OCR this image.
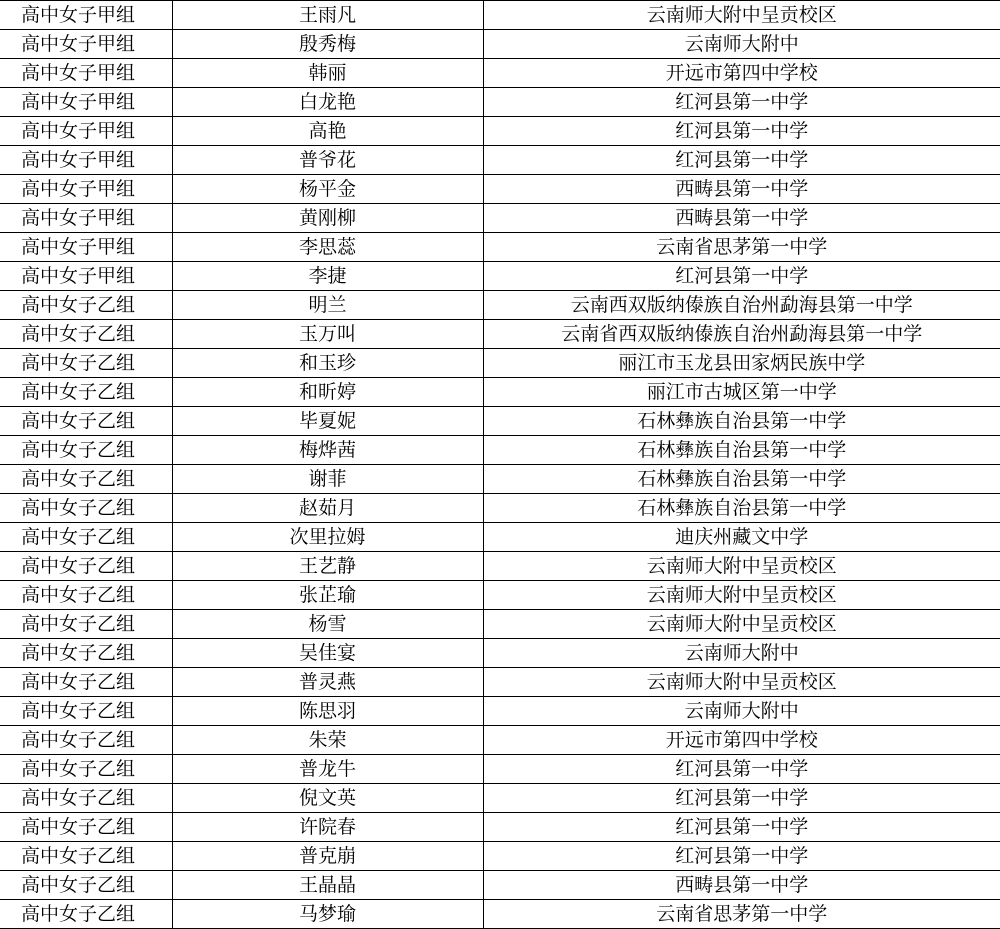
高中女子甲组	王雨凡	云南师大附中呈贡校区
高中女子甲组	殷秀梅	云南师大附中
高中女子甲组	韩丽	开远市第四中学校
高中女子甲组	白龙艳	红河县第一中学
高中女子甲组	高艳	红河县第一中学
高中女子甲组	普爷花	红河县第一中学
高中女子甲组	杨平金	西畴县第一中学
高中女子甲组	黄刚柳	西畴县第一中学
高中女子甲组	李思蕊	云南省思茅第一中学
高中女子甲组	李捷	红河县第一中学
高中女子乙组	明兰	云南西双版纳傣族自治州勐海县第一中学
高中女子乙组	玉万叫	云南省西双版纳傣族自治州勐海县第一中学
高中女子乙组	和玉珍	丽江市玉龙县田家炳民族中学
高中女子乙组	和昕婷	丽江市古城区第一中学
高中女子乙组	毕夏妮	石林彝族自治县第一中学
高中女子乙组	梅烨茜	石林彝族自治县第一中学
高中女子乙组	谢菲	石林彝族自治县第一中学
高中女子乙组	赵茹月	石林彝族自治县第一中学
高中女子乙组	次里拉姆	迪庆州藏文中学
高中女子乙组	王艺静	云南师大附中呈贡校区
高中女子乙组	张芷瑜	云南师大附中呈贡校区
高中女子乙组	杨雪	云南师大附中呈贡校区
高中女子乙组	吴佳宴	云南师大附中
高中女子乙组	普灵燕	云南师大附中呈贡校区
高中女子乙组	陈思羽	云南师大附中
高中女子乙组	朱荣	开远市第四中学校
高中女子乙组	普龙牛	红河县第一中学
高中女子乙组	倪文英	红河县第一中学
高中女子乙组	许院春	红河县第一中学
高中女子乙组	普克崩	红河县第一中学
高中女子乙组	王晶晶	西畴县第一中学
高中女子乙组	马梦瑜	云南省思茅第一中学
